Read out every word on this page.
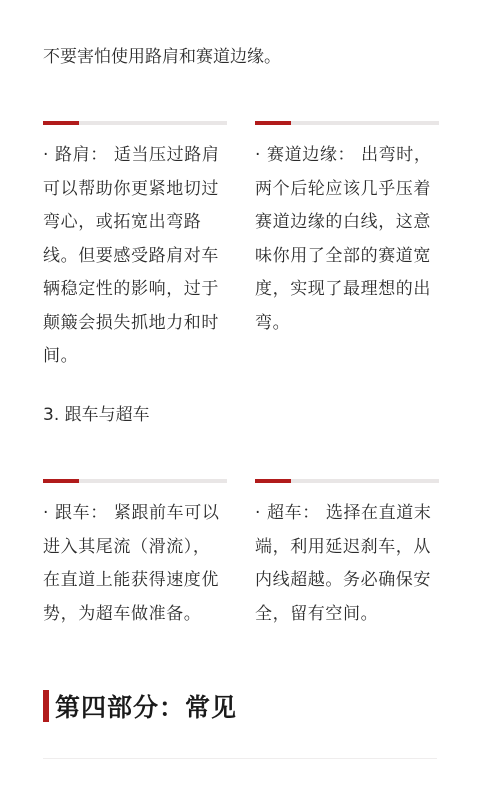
不要害怕使用路肩和赛道边缘。

· 路肩： 适当压过路肩可以帮助你更紧地切过弯心，或拓宽出弯路线。但要感受路肩对车辆稳定性的影响，过于颠簸会损失抓地力和时间。

· 赛道边缘： 出弯时，两个后轮应该几乎压着赛道边缘的白线，这意味你用了全部的赛道宽度，实现了最理想的出弯。

3. 跟车与超车

· 跟车： 紧跟前车可以进入其尾流（滑流），在直道上能获得速度优势，为超车做准备。

· 超车： 选择在直道末端，利用延迟刹车，从内线超越。务必确保安全，留有空间。

第四部分：常见
